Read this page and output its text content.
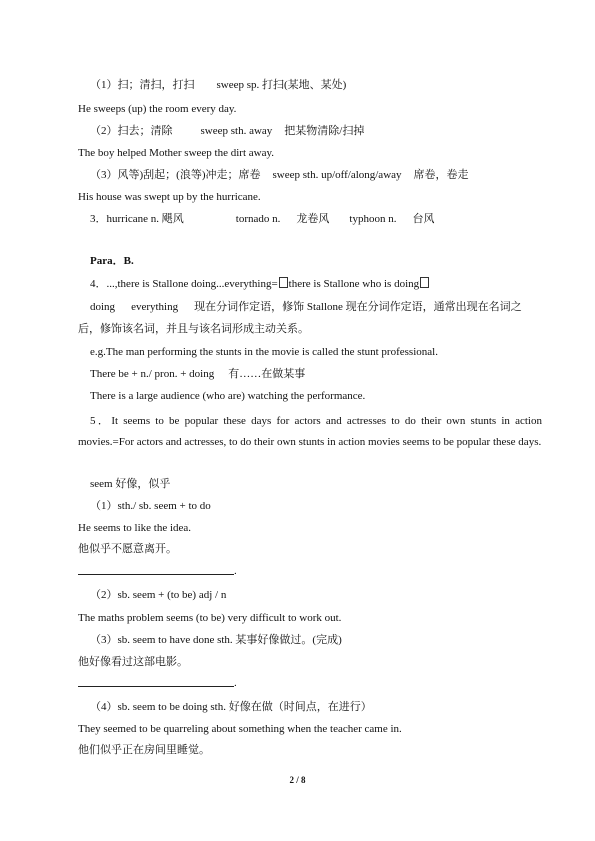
（1）扫；清扫，打扫 sweep sp. 打扫(某地、某处)
He sweeps (up) the room every day.
（2）扫去；清除	sweep sth. away 把某物清除/扫掉
The boy helped Mother sweep the dirt away.
（3）风等)刮起；(浪等)冲走；席卷 sweep sth. up/off/along/away 席卷，卷走
His house was swept up by the hurricane.
3．hurricane n. 飓风	tornado n. 龙卷风 typhoon n. 台风
Para．B.
4．...,there is Stallone doing...everything= there is Stallone who is doing
doing everything 现在分词作定语，修饰 Stallone 现在分词作定语，通常出现在名词之
后，修饰该名词，并且与该名词形成主动关系。
e.g.The man performing the stunts in the movie is called the stunt professional.
There be + n./ pron. + doing 有……在做某事
There is a large audience (who are) watching the performance.
5．It seems to be popular these days for actors and actresses to do their own stunts in action movies.=For actors and actresses, to do their own stunts in action movies seems to be popular these days.
seem 好像，似乎
（1）sth./ sb. seem + to do
He seems to like the idea.
他似乎不愿意离开。
.
（2）sb. seem + (to be) adj / n
The maths problem seems (to be) very difficult to work out.
（3）sb. seem to have done sth. 某事好像做过。(完成)
他好像看过这部电影。
.
（4）sb. seem to be doing sth. 好像在做（时间点，在进行）
They seemed to be quarreling about something when the teacher came in.
他们似乎正在房间里睡觉。
2 / 8
